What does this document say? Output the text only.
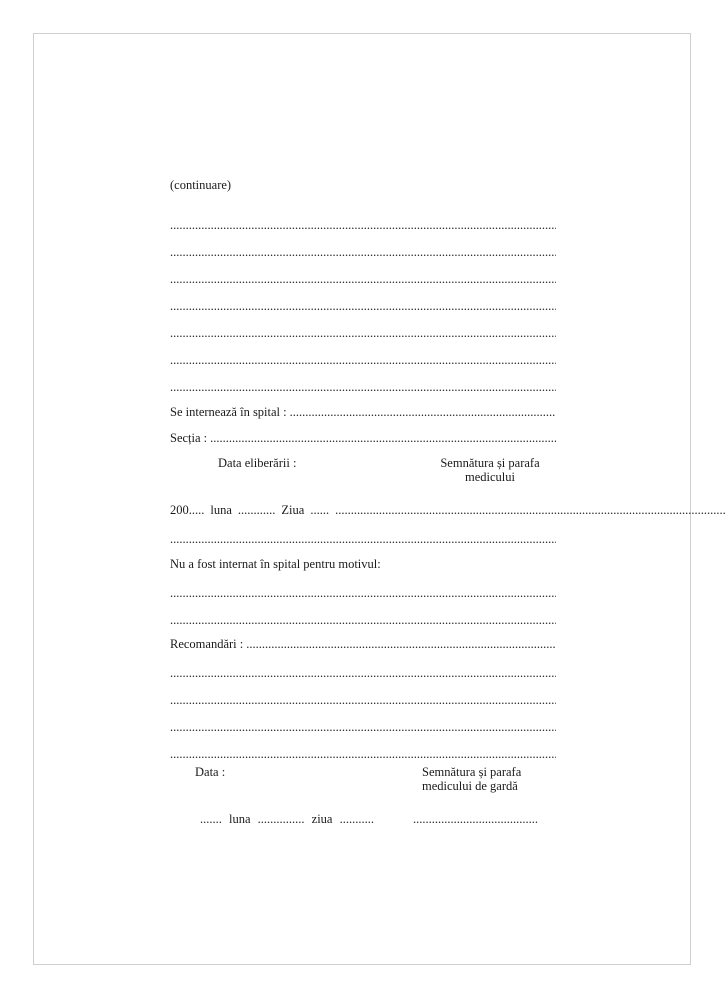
(continuare)
.....
.....
.....
.....
.....
.....
.....
Se internează în spital :
.....
Secția :
.....
Data eliberării :	Semnătura și parafa medicului
200..... luna ............ Ziua ......
.....
.....
Nu a fost internat în spital pentru motivul:
.....
.....
Recomandări :
.....
.....
.....
.....
.....
Data :	Semnătura și parafa medicului de gardă
....... luna ............... ziua ...........	........................................
